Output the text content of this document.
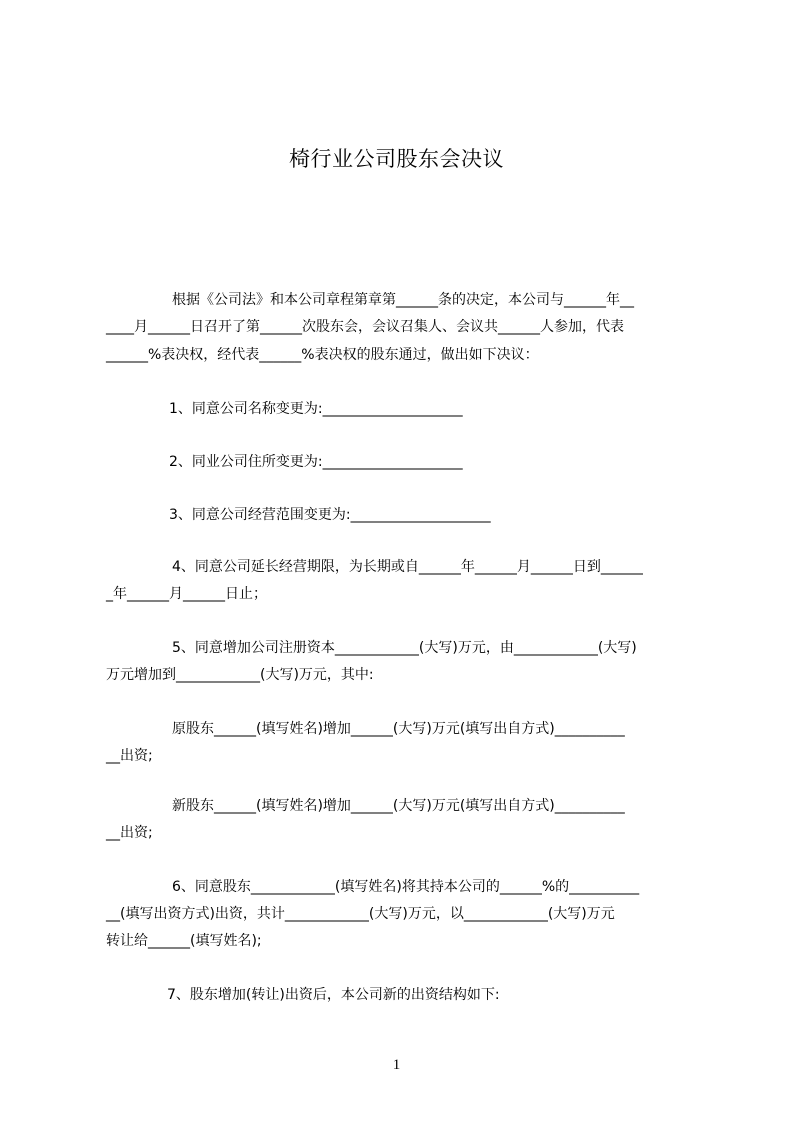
椅行业公司股东会决议
根据《公司法》和本公司章程第章第______条的决定，本公司与______年__
____月______日召开了第______次股东会，会议召集人、会议共______人参加，代表
______%表决权，经代表______%表决权的股东通过，做出如下决议：
1、同意公司名称变更为:____________________
2、同业公司住所变更为:____________________
3、同意公司经营范围变更为:____________________
4、同意公司延长经营期限，为长期或自______年______月______日到______
_年______月______日止；
5、同意增加公司注册资本____________(大写)万元，由____________(大写)
万元增加到____________(大写)万元，其中:
原股东______(填写姓名)增加______(大写)万元(填写出自方式)__________
__出资;
新股东______(填写姓名)增加______(大写)万元(填写出自方式)__________
__出资;
6、同意股东____________(填写姓名)将其持本公司的______%的__________
__(填写出资方式)出资，共计____________(大写)万元，以____________(大写)万元
转让给______(填写姓名);
7、股东增加(转让)出资后，本公司新的出资结构如下:
1
